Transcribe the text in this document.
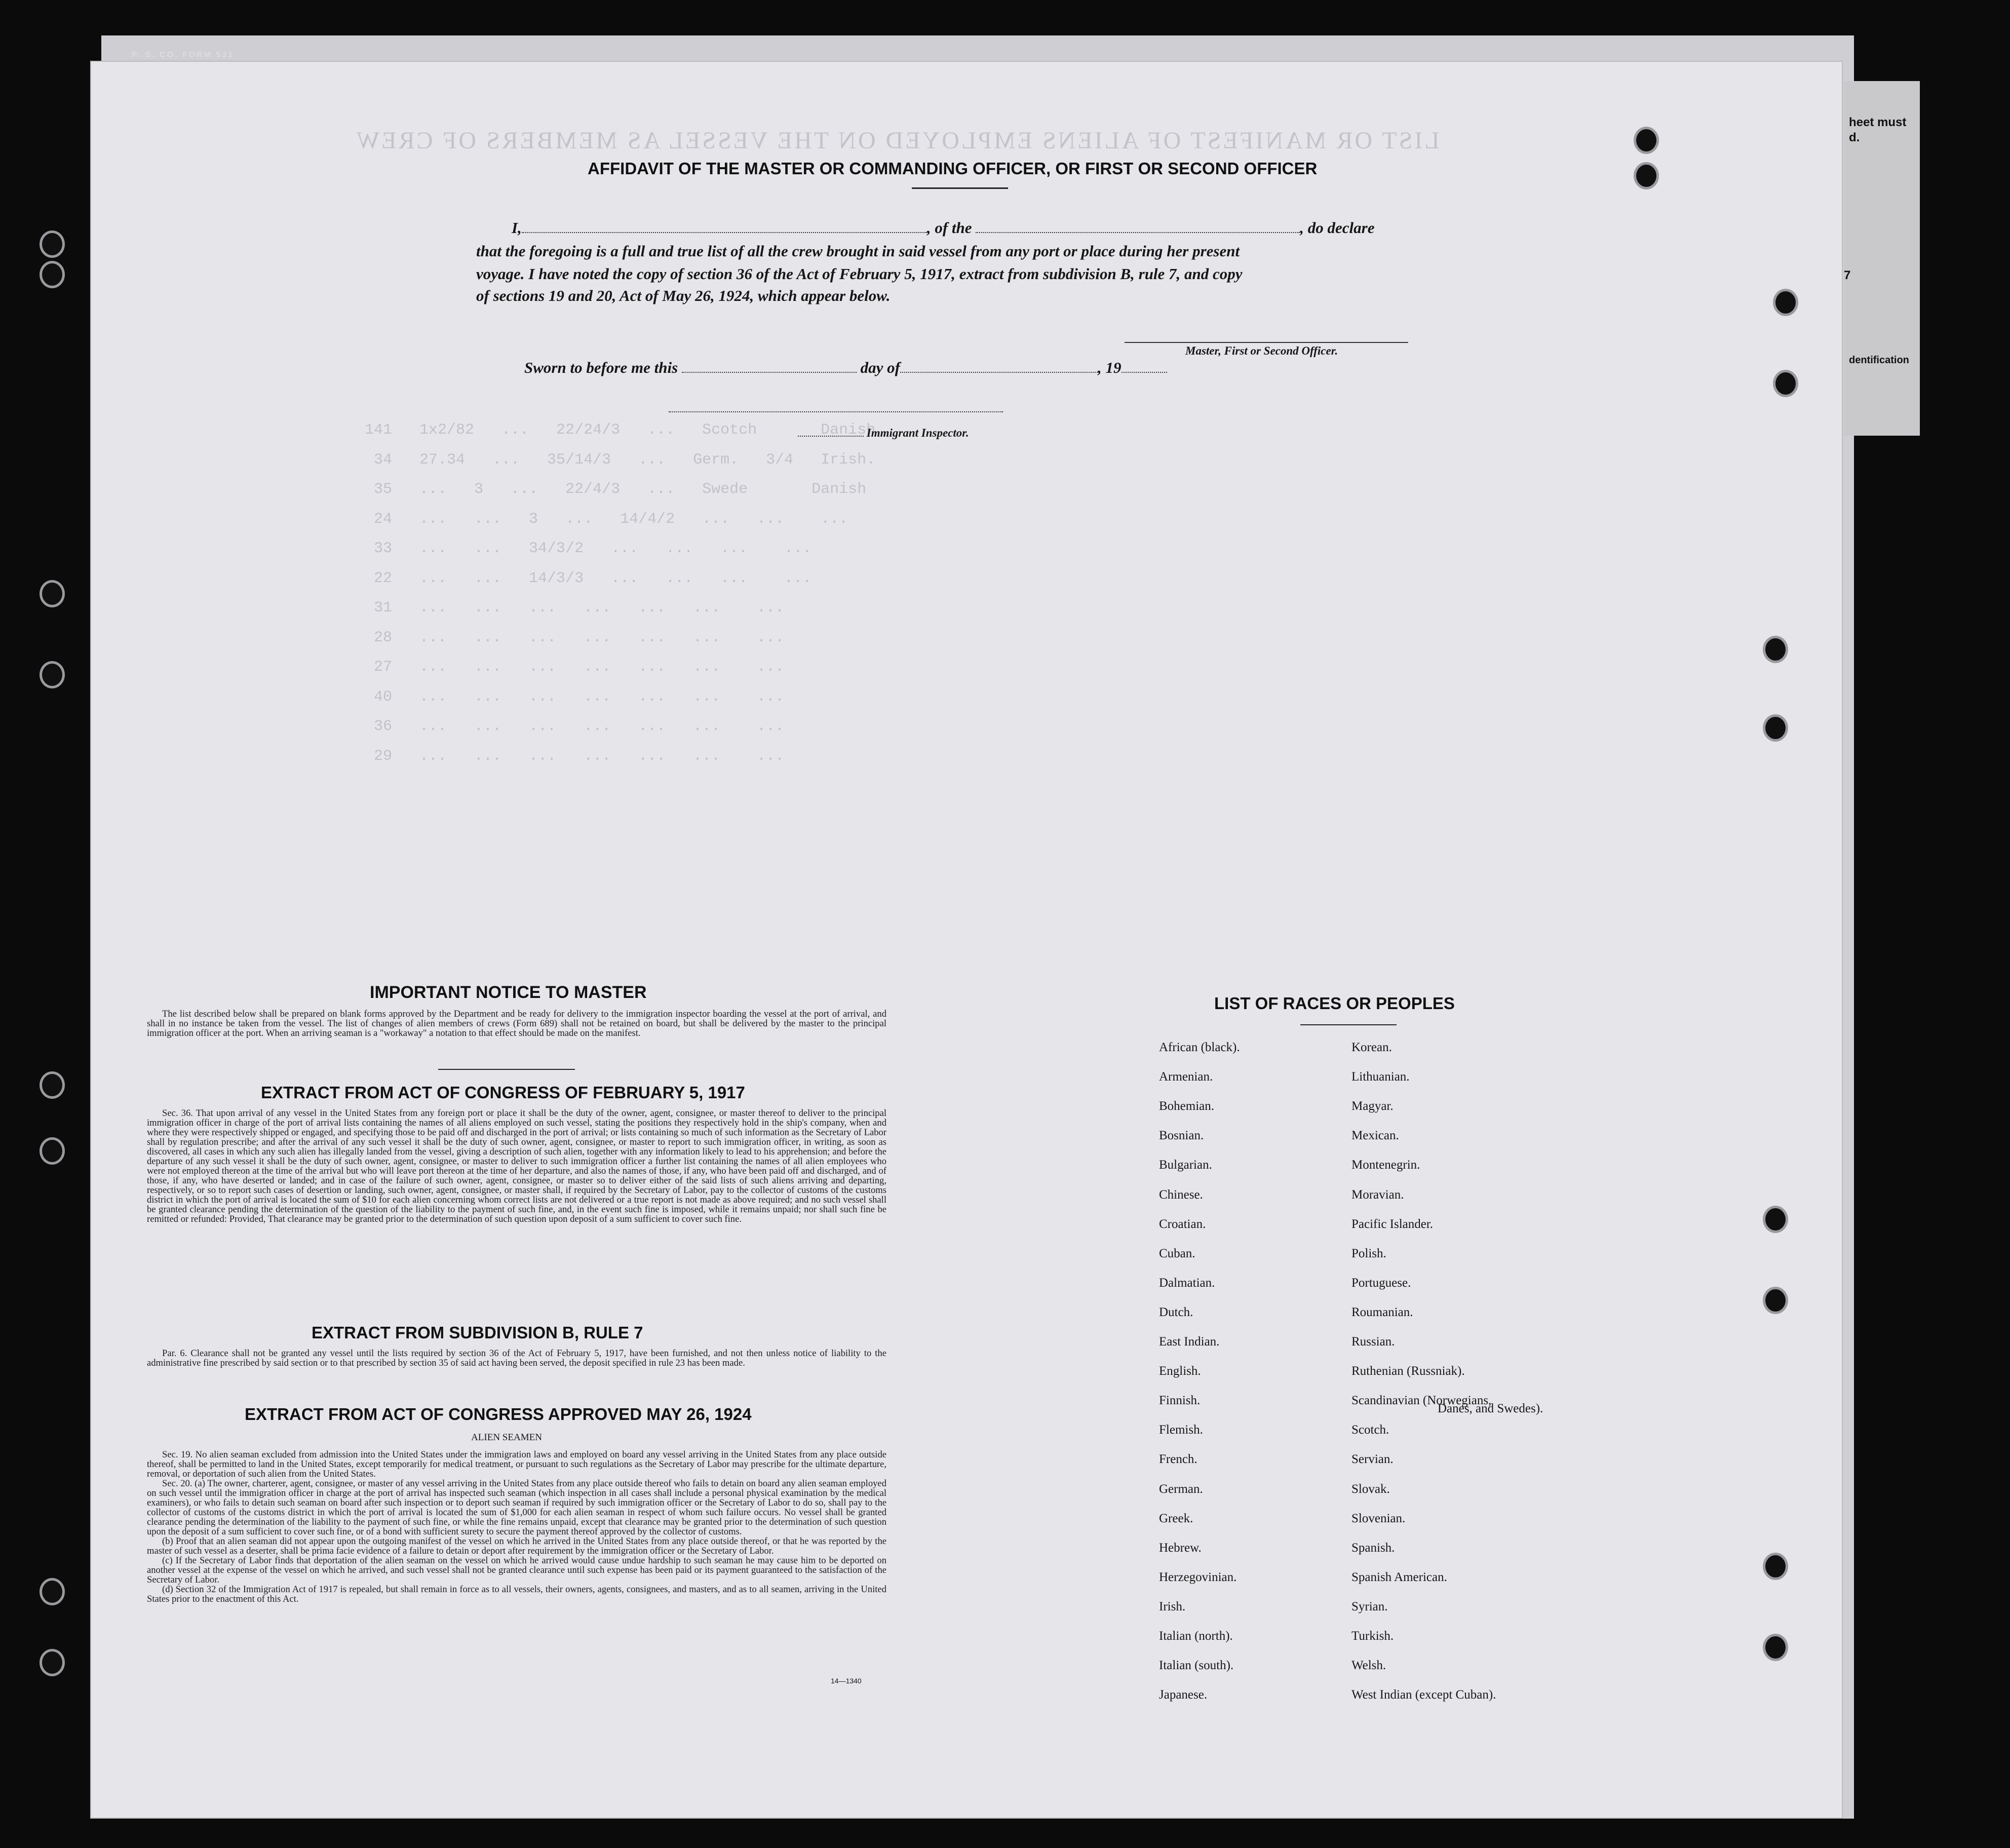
heet must
d.
7
dentification
P. S. CO. FORM 531
LIST OR MANIFEST OF ALIENS EMPLOYED ON THE VESSEL AS MEMBERS OF CREW
141   1x2/82   ...   22/24/3   ...   Scotch       Danish
34   27.34   ...   35/14/3   ...   Germ.   3/4   Irish.
35   ...   3   ...   22/4/3   ...   Swede       Danish
24   ...   ...   3   ...   14/4/2   ...   ...    ...
33   ...   ...   34/3/2   ...   ...   ...    ...
22   ...   ...   14/3/3   ...   ...   ...    ...
31   ...   ...   ...   ...   ...   ...    ...
28   ...   ...   ...   ...   ...   ...    ...
27   ...   ...   ...   ...   ...   ...    ...
40   ...   ...   ...   ...   ...   ...    ...
36   ...   ...   ...   ...   ...   ...    ...
29   ...   ...   ...   ...   ...   ...    ...
AFFIDAVIT OF THE MASTER OR COMMANDING OFFICER, OR FIRST OR SECOND OFFICER
I,	, of the	, do declare
that the foregoing is a full and true list of all the crew brought in said vessel from any port or place during her present
voyage. I have noted the copy of section 36 of the Act of February 5, 1917, extract from subdivision B, rule 7, and copy
of sections 19 and 20, Act of May 26, 1924, which appear below.
Master, First or Second Officer.
Sworn to before me this	day of	, 19
Immigrant Inspector.
IMPORTANT NOTICE TO MASTER

The list described below shall be prepared on blank forms approved by the Department and be ready for delivery to the immigration inspector boarding the vessel at the port of arrival, and shall in no instance be taken from the vessel. The list of changes of alien members of crews (Form 689) shall not be retained on board, but shall be delivered by the master to the principal immigration officer at the port. When an arriving seaman is a "workaway" a notation to that effect should be made on the manifest.

EXTRACT FROM ACT OF CONGRESS OF FEBRUARY 5, 1917

Sec. 36. That upon arrival of any vessel in the United States from any foreign port or place it shall be the duty of the owner, agent, consignee, or master thereof to deliver to the principal immigration officer in charge of the port of arrival lists containing the names of all aliens employed on such vessel, stating the positions they respectively hold in the ship's company, when and where they were respectively shipped or engaged, and specifying those to be paid off and discharged in the port of arrival; or lists containing so much of such information as the Secretary of Labor shall by regulation prescribe; and after the arrival of any such vessel it shall be the duty of such owner, agent, consignee, or master to report to such immigration officer, in writing, as soon as discovered, all cases in which any such alien has illegally landed from the vessel, giving a description of such alien, together with any information likely to lead to his apprehension; and before the departure of any such vessel it shall be the duty of such owner, agent, consignee, or master to deliver to such immigration officer a further list containing the names of all alien employees who were not employed thereon at the time of the arrival but who will leave port thereon at the time of her departure, and also the names of those, if any, who have been paid off and discharged, and of those, if any, who have deserted or landed; and in case of the failure of such owner, agent, consignee, or master so to deliver either of the said lists of such aliens arriving and departing, respectively, or so to report such cases of desertion or landing, such owner, agent, consignee, or master shall, if required by the Secretary of Labor, pay to the collector of customs of the customs district in which the port of arrival is located the sum of $10 for each alien concerning whom correct lists are not delivered or a true report is not made as above required; and no such vessel shall be granted clearance pending the determination of the question of the liability to the payment of such fine, and, in the event such fine is imposed, while it remains unpaid; nor shall such fine be remitted or refunded: Provided, That clearance may be granted prior to the determination of such question upon deposit of a sum sufficient to cover such fine.

EXTRACT FROM SUBDIVISION B, RULE 7

Par. 6. Clearance shall not be granted any vessel until the lists required by section 36 of the Act of February 5, 1917, have been furnished, and not then unless notice of liability to the administrative fine prescribed by said section or to that prescribed by section 35 of said act having been served, the deposit specified in rule 23 has been made.

EXTRACT FROM ACT OF CONGRESS APPROVED MAY 26, 1924
ALIEN SEAMEN

Sec. 19. No alien seaman excluded from admission into the United States under the immigration laws and employed on board any vessel arriving in the United States from any place outside thereof, shall be permitted to land in the United States, except temporarily for medical treatment, or pursuant to such regulations as the Secretary of Labor may prescribe for the ultimate departure, removal, or deportation of such alien from the United States.

Sec. 20. (a) The owner, charterer, agent, consignee, or master of any vessel arriving in the United States from any place outside thereof who fails to detain on board any alien seaman employed on such vessel until the immigration officer in charge at the port of arrival has inspected such seaman (which inspection in all cases shall include a personal physical examination by the medical examiners), or who fails to detain such seaman on board after such inspection or to deport such seaman if required by such immigration officer or the Secretary of Labor to do so, shall pay to the collector of customs of the customs district in which the port of arrival is located the sum of $1,000 for each alien seaman in respect of whom such failure occurs. No vessel shall be granted clearance pending the determination of the liability to the payment of such fine, or while the fine remains unpaid, except that clearance may be granted prior to the determination of such question upon the deposit of a sum sufficient to cover such fine, or of a bond with sufficient surety to secure the payment thereof approved by the collector of customs.

(b) Proof that an alien seaman did not appear upon the outgoing manifest of the vessel on which he arrived in the United States from any place outside thereof, or that he was reported by the master of such vessel as a deserter, shall be prima facie evidence of a failure to detain or deport after requirement by the immigration officer or the Secretary of Labor.

(c) If the Secretary of Labor finds that deportation of the alien seaman on the vessel on which he arrived would cause undue hardship to such seaman he may cause him to be deported on another vessel at the expense of the vessel on which he arrived, and such vessel shall not be granted clearance until such expense has been paid or its payment guaranteed to the satisfaction of the Secretary of Labor.

(d) Section 32 of the Immigration Act of 1917 is repealed, but shall remain in force as to all vessels, their owners, agents, consignees, and masters, and as to all seamen, arriving in the United States prior to the enactment of this Act.

14—1340
LIST OF RACES OR PEOPLES
African (black).
Armenian.
Bohemian.
Bosnian.
Bulgarian.
Chinese.
Croatian.
Cuban.
Dalmatian.
Dutch.
East Indian.
English.
Finnish.
Flemish.
French.
German.
Greek.
Hebrew.
Herzegovinian.
Irish.
Italian (north).
Italian (south).
Japanese.
Korean.
Lithuanian.
Magyar.
Mexican.
Montenegrin.
Moravian.
Pacific Islander.
Polish.
Portuguese.
Roumanian.
Russian.
Ruthenian (Russniak).
Scandinavian (Norwegians,
Scotch.
Servian.
Slovak.
Slovenian.
Spanish.
Spanish American.
Syrian.
Turkish.
Welsh.
West Indian (except Cuban).
Danes, and Swedes).
